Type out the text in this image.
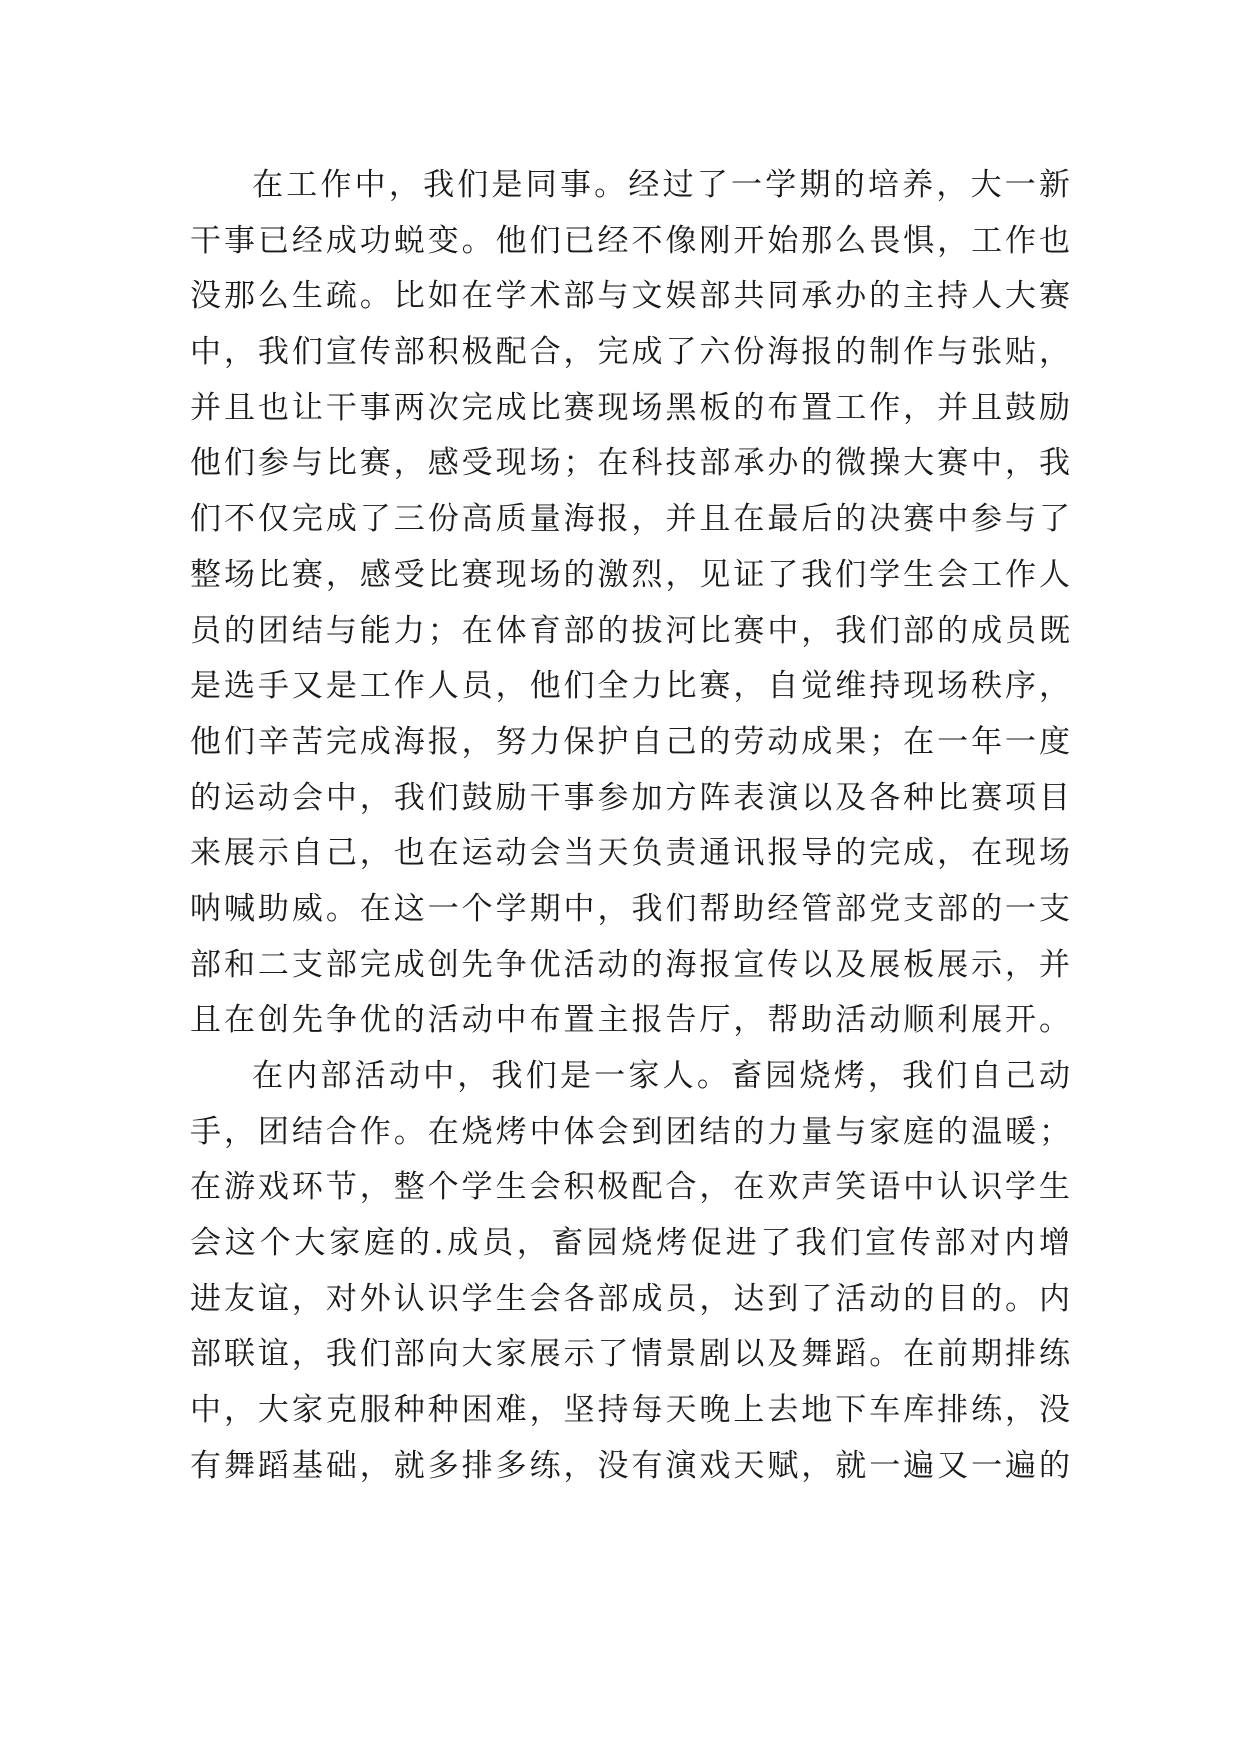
在工作中，我们是同事。经过了一学期的培养，大一新
干事已经成功蜕变。他们已经不像刚开始那么畏惧，工作也
没那么生疏。比如在学术部与文娱部共同承办的主持人大赛
中，我们宣传部积极配合，完成了六份海报的制作与张贴，
并且也让干事两次完成比赛现场黑板的布置工作，并且鼓励
他们参与比赛，感受现场；在科技部承办的微操大赛中，我
们不仅完成了三份高质量海报，并且在最后的决赛中参与了
整场比赛，感受比赛现场的激烈，见证了我们学生会工作人
员的团结与能力；在体育部的拔河比赛中，我们部的成员既
是选手又是工作人员，他们全力比赛，自觉维持现场秩序，
他们辛苦完成海报，努力保护自己的劳动成果；在一年一度
的运动会中，我们鼓励干事参加方阵表演以及各种比赛项目
来展示自己，也在运动会当天负责通讯报导的完成，在现场
呐喊助威。在这一个学期中，我们帮助经管部党支部的一支
部和二支部完成创先争优活动的海报宣传以及展板展示，并
且在创先争优的活动中布置主报告厅，帮助活动顺利展开。
在内部活动中，我们是一家人。畜园烧烤，我们自己动
手，团结合作。在烧烤中体会到团结的力量与家庭的温暖；
在游戏环节，整个学生会积极配合，在欢声笑语中认识学生
会这个大家庭的.成员，畜园烧烤促进了我们宣传部对内增
进友谊，对外认识学生会各部成员，达到了活动的目的。内
部联谊，我们部向大家展示了情景剧以及舞蹈。在前期排练
中，大家克服种种困难，坚持每天晚上去地下车库排练，没
有舞蹈基础，就多排多练，没有演戏天赋，就一遍又一遍的
